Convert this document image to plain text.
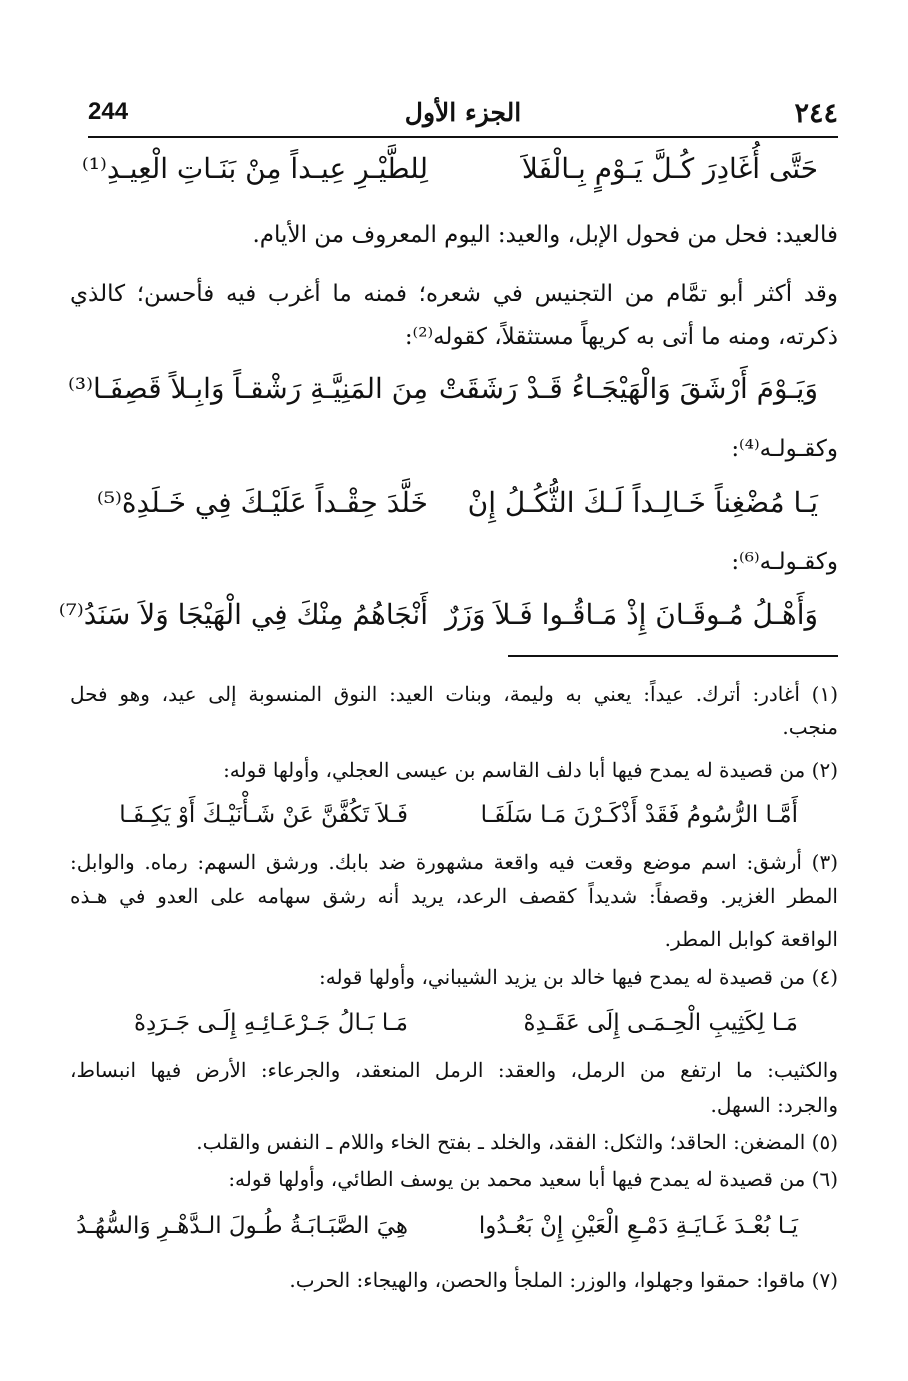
٢٤٤
الجزء الأول
244
حَتَّى أُغَادِرَ كُـلَّ يَـوْمٍ بِـالْفَلاَ
لِلطَّيْـرِ عِيـداً مِنْ بَنَـاتِ الْعِيـدِ⁽¹⁾
فالعيد: فحل من فحول الإبل، والعيد: اليوم المعروف من الأيام.
وقد أكثر أبو تمَّام من التجنيس في شعره؛ فمنه ما أغرب فيه فأحسن؛ كالذي
ذكرته، ومنه ما أتى به كريهاً مستثقلاً، كقوله⁽²⁾:
وَيَـوْمَ أَرْشَقَ وَالْهَيْجَـاءُ قَـدْ رَشَقَتْ
مِنَ المَنِيَّـةِ رَشْقـاً وَابِـلاً قَصِفَـا⁽³⁾
وكقـولـه⁽⁴⁾:
يَـا مُضْغِناً خَـالِـداً لَـكَ الثُّكُـلُ إِنْ
خَلَّدَ حِقْـداً عَلَيْـكَ فِي خَـلَدِهْ⁽⁵⁾
وكقـولـه⁽⁶⁾:
وَأَهْـلُ مُـوقَـانَ إِذْ مَـاقُـوا فَـلاَ وَزَرٌ
أَنْجَاهُمُ مِنْكَ فِي الْهَيْجَا وَلاَ سَنَدُ⁽⁷⁾
(١) أغادر: أترك. عيداً: يعني به وليمة، وبنات العيد: النوق المنسوبة إلى عيد، وهو فحل
منجب.
(٢) من قصيدة له يمدح فيها أبا دلف القاسم بن عيسى العجلي، وأولها قوله:
أَمَّـا الرُّسُومُ فَقَدْ أَذْكَـرْنَ مَـا سَلَفَـا
فَـلاَ تَكُفَّنَّ عَنْ شَـأْنَيْـكَ أَوْ يَكِـفَـا
(٣) أرشق: اسم موضع وقعت فيه واقعة مشهورة ضد بابك. ورشق السهم: رماه. والوابل:
المطر الغزير. وقصفاً: شديداً كقصف الرعد، يريد أنه رشق سهامه على العدو في هـذه
الواقعة كوابل المطر.
(٤) من قصيدة له يمدح فيها خالد بن يزيد الشيباني، وأولها قوله:
مَـا لِكَثِيبِ الْحِـمَـى إِلَى عَقَـدِهْ
مَـا بَـالُ جَـرْعَـائِـهِ إِلَـى جَـرَدِهْ
والكثيب: ما ارتفع من الرمل، والعقد: الرمل المنعقد، والجرعاء: الأرض فيها انبساط،
والجرد: السهل.
(٥) المضغن: الحاقد؛ والثكل: الفقد، والخلد ـ بفتح الخاء واللام ـ النفس والقلب.
(٦) من قصيدة له يمدح فيها أبا سعيد محمد بن يوسف الطائي، وأولها قوله:
يَـا بُعْـدَ غَـايَـةِ دَمْـعِ الْعَيْنِ إِنْ بَعُـدُوا
هِيَ الصَّبَـابَـةُ طُـولَ الـدَّهْـرِ وَالسُّهُـدُ
(٧) ماقوا: حمقوا وجهلوا، والوزر: الملجأ والحصن، والهيجاء: الحرب.
